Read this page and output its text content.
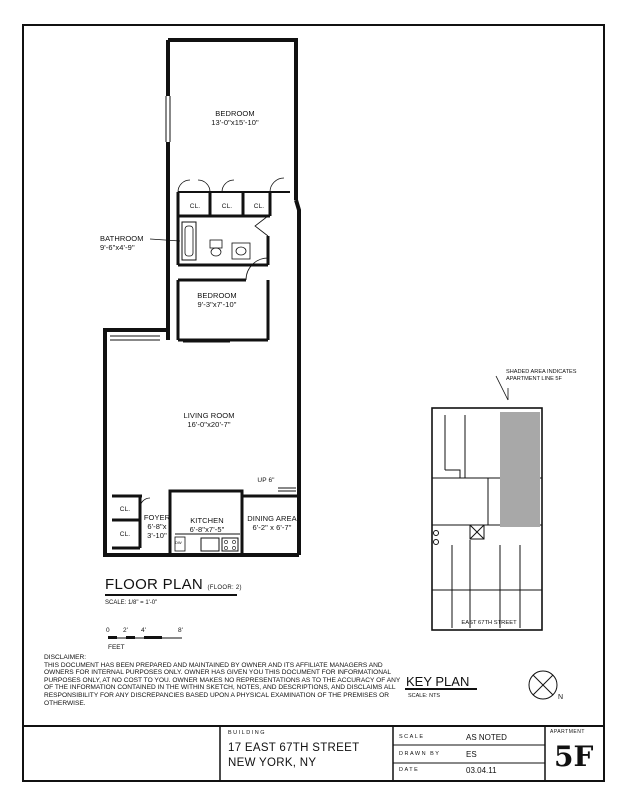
BEDROOM
13'-0"x15'-10"
CL.	CL.	CL.
BATHROOM
9'-6"x4'-9"
BEDROOM
9'-3"x7'-10"
LIVING ROOM
16'-0"x20'-7"
UP 6"
CL.
CL.
FOYER
6'-8"x
3'-10"
KITCHEN
6'-8"x7'-5"
DW
DINING AREA
6'-2" x 6'-7"
FLOOR PLAN (FLOOR: 2)
SCALE: 1/8" = 1'-0"
0 2' 4'	8'
FEET
DISCLAIMER:
THIS DOCUMENT HAS BEEN PREPARED AND MAINTAINED BY OWNER AND ITS AFFILIATE MANAGERS AND OWNERS FOR INTERNAL PURPOSES ONLY. OWNER HAS GIVEN YOU THIS DOCUMENT FOR INFORMATIONAL PURPOSES ONLY, AT NO COST TO YOU. OWNER MAKES NO REPRESENTATIONS AS TO THE ACCURACY OF ANY OF THE INFORMATION CONTAINED IN THE WITHIN SKETCH, NOTES, AND DESCRIPTIONS, AND DISCLAIMS ALL RESPONSIBILITY FOR ANY DISCREPANCIES BASED UPON A PHYSICAL EXAMINATION OF THE PREMISES OR OTHERWISE.
SHADED AREA INDICATES APARTMENT LINE 5F
EAST 67TH STREET
KEY PLAN
SCALE: NTS	N
BUILDING
17 EAST 67TH STREET
NEW YORK, NY
SCALE	AS NOTED
DRAWN BY	ES
DATE	03.04.11
APARTMENT
5F
